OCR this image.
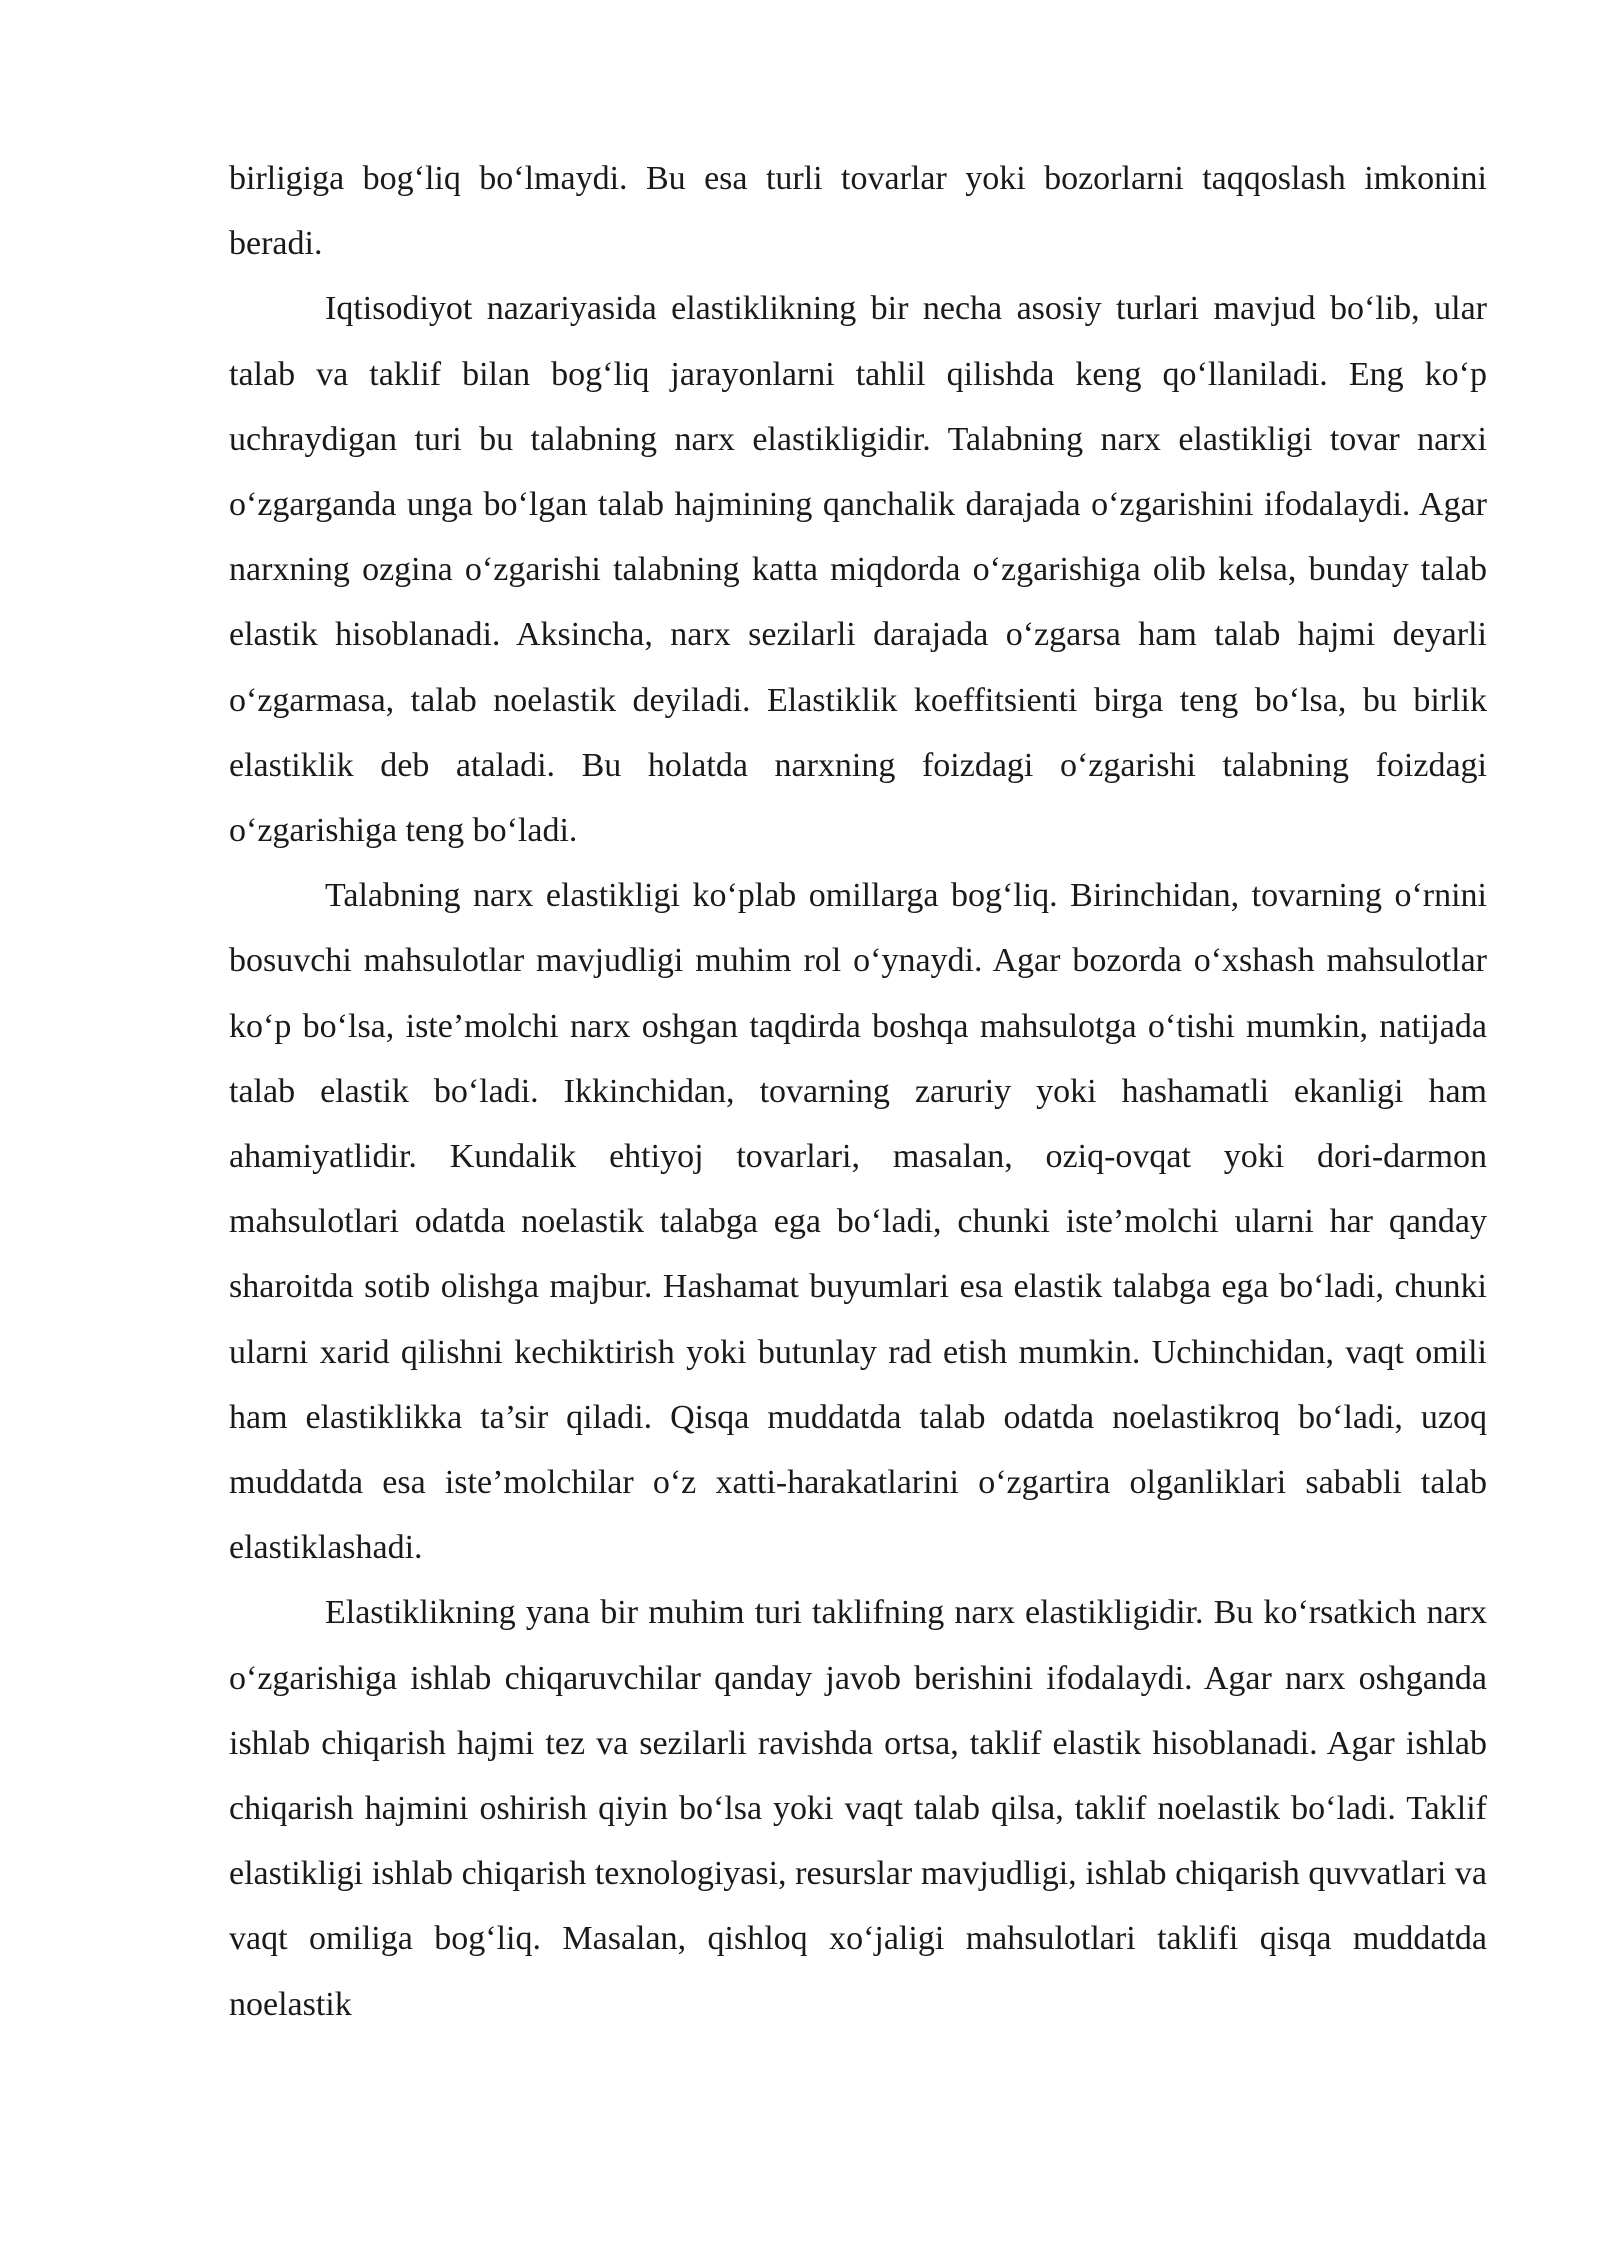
birligiga bog‘liq bo‘lmaydi. Bu esa turli tovarlar yoki bozorlarni taqqoslash imkonini beradi.

Iqtisodiyot nazariyasida elastiklikning bir necha asosiy turlari mavjud bo‘lib, ular talab va taklif bilan bog‘liq jarayonlarni tahlil qilishda keng qo‘llaniladi. Eng ko‘p uchraydigan turi bu talabning narx elastikligidir. Talabning narx elastikligi tovar narxi o‘zgarganda unga bo‘lgan talab hajmining qanchalik darajada o‘zgarishini ifodalaydi. Agar narxning ozgina o‘zgarishi talabning katta miqdorda o‘zgarishiga olib kelsa, bunday talab elastik hisoblanadi. Aksincha, narx sezilarli darajada o‘zgarsa ham talab hajmi deyarli o‘zgarmasa, talab noelastik deyiladi. Elastiklik koeffitsienti birga teng bo‘lsa, bu birlik elastiklik deb ataladi. Bu holatda narxning foizdagi o‘zgarishi talabning foizdagi o‘zgarishiga teng bo‘ladi.

Talabning narx elastikligi ko‘plab omillarga bog‘liq. Birinchidan, tovarning o‘rnini bosuvchi mahsulotlar mavjudligi muhim rol o‘ynaydi. Agar bozorda o‘xshash mahsulotlar ko‘p bo‘lsa, iste’molchi narx oshgan taqdirda boshqa mahsulotga o‘tishi mumkin, natijada talab elastik bo‘ladi. Ikkinchidan, tovarning zaruriy yoki hashamatli ekanligi ham ahamiyatlidir. Kundalik ehtiyoj tovarlari, masalan, oziq-ovqat yoki dori-darmon mahsulotlari odatda noelastik talabga ega bo‘ladi, chunki iste’molchi ularni har qanday sharoitda sotib olishga majbur. Hashamat buyumlari esa elastik talabga ega bo‘ladi, chunki ularni xarid qilishni kechiktirish yoki butunlay rad etish mumkin. Uchinchidan, vaqt omili ham elastiklikka ta’sir qiladi. Qisqa muddatda talab odatda noelastikroq bo‘ladi, uzoq muddatda esa iste’molchilar o‘z xatti-harakatlarini o‘zgartira olganliklari sababli talab elastiklashadi.

Elastiklikning yana bir muhim turi taklifning narx elastikligidir. Bu ko‘rsatkich narx o‘zgarishiga ishlab chiqaruvchilar qanday javob berishini ifodalaydi. Agar narx oshganda ishlab chiqarish hajmi tez va sezilarli ravishda ortsa, taklif elastik hisoblanadi. Agar ishlab chiqarish hajmini oshirish qiyin bo‘lsa yoki vaqt talab qilsa, taklif noelastik bo‘ladi. Taklif elastikligi ishlab chiqarish texnologiyasi, resurslar mavjudligi, ishlab chiqarish quvvatlari va vaqt omiliga bog‘liq. Masalan, qishloq xo‘jaligi mahsulotlari taklifi qisqa muddatda noelastik
